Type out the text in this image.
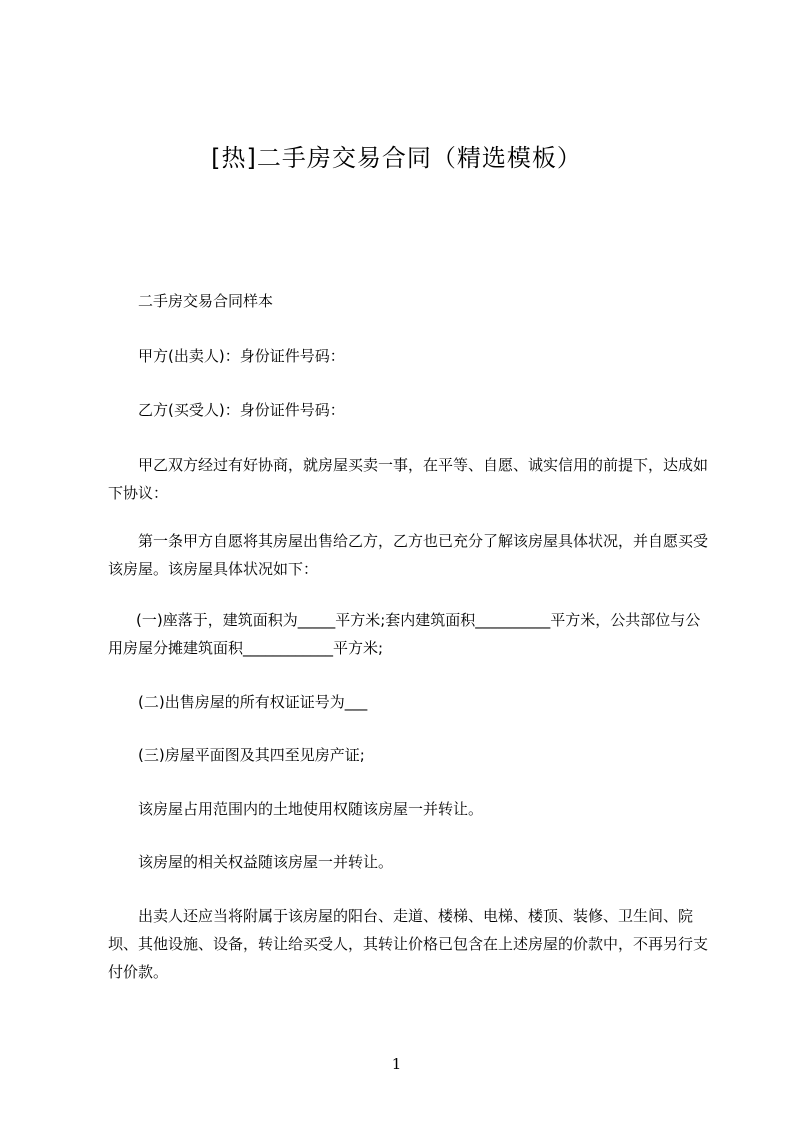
[热]二手房交易合同（精选模板）
二手房交易合同样本
甲方(出卖人)：身份证件号码：
乙方(买受人)：身份证件号码：
甲乙双方经过有好协商，就房屋买卖一事，在平等、自愿、诚实信用的前提下，达成如下协议：
第一条甲方自愿将其房屋出售给乙方，乙方也已充分了解该房屋具体状况，并自愿买受该房屋。该房屋具体状况如下：
(一)座落于，建筑面积为_____平方米;套内建筑面积__________平方米，公共部位与公用房屋分摊建筑面积____________平方米;
(二)出售房屋的所有权证证号为___
(三)房屋平面图及其四至见房产证;
该房屋占用范围内的土地使用权随该房屋一并转让。
该房屋的相关权益随该房屋一并转让。
出卖人还应当将附属于该房屋的阳台、走道、楼梯、电梯、楼顶、装修、卫生间、院坝、其他设施、设备，转让给买受人，其转让价格已包含在上述房屋的价款中，不再另行支付价款。
1
